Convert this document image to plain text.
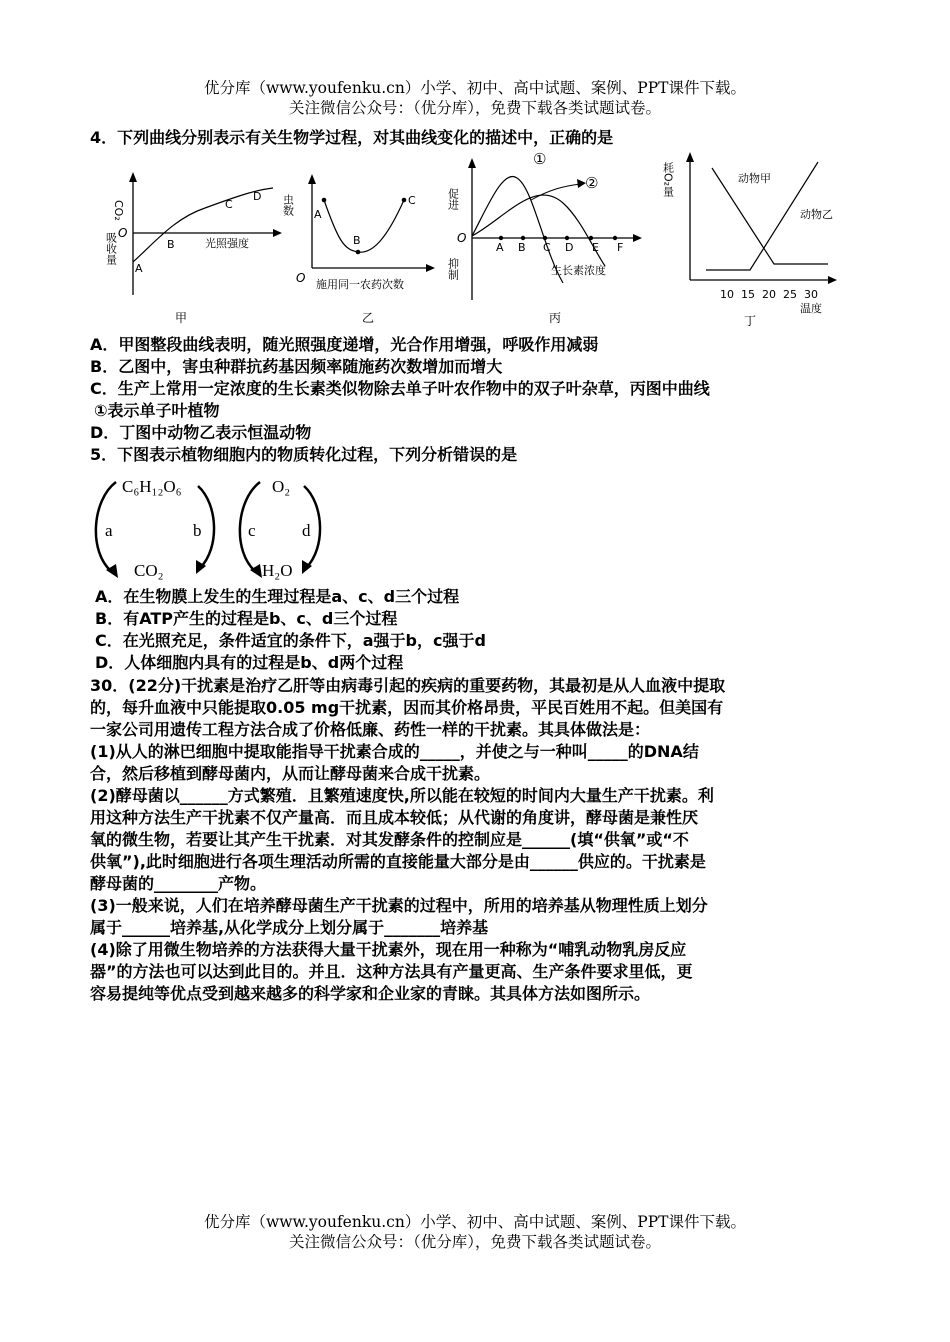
优分库（www.youfenku.cn）小学、初中、高中试题、案例、PPT课件下载。
关注微信公众号：（优分库），免费下载各类试题试卷。
4．下列曲线分别表示有关生物学过程，对其曲线变化的描述中，正确的是
CO₂
吸收量 O
A
B
C
D
光照强度
甲
虫数
O
A
B
C
施用同一农药次数
乙
促进
抑制
O
①
②
A B C D E F
生长素浓度
丙
耗O₂量	动物甲
动物乙
10 15 20 25 30
温度
丁
A．甲图整段曲线表明，随光照强度递增，光合作用增强，呼吸作用减弱
B．乙图中，害虫种群抗药基因频率随施药次数增加而增大
C．生产上常用一定浓度的生长素类似物除去单子叶农作物中的双子叶杂草，丙图中曲线
①表示单子叶植物
D．丁图中动物乙表示恒温动物
5．下图表示植物细胞内的物质转化过程，下列分析错误的是
C₆H₁₂O₆
CO₂
a	b
O₂
H₂O
c	d
A．在生物膜上发生的生理过程是a、c、d三个过程
B．有ATP产生的过程是b、c、d三个过程
C．在光照充足，条件适宜的条件下，a强于b，c强于d
D．人体细胞内具有的过程是b、d两个过程
30．(22分)干扰素是治疗乙肝等由病毒引起的疾病的重要药物，其最初是从人血液中提取
的，每升血液中只能提取0.05 mg干扰素，因而其价格昂贵，平民百姓用不起。但美国有
一家公司用遗传工程方法合成了价格低廉、药性一样的干扰素。其具体做法是：
(1)从人的淋巴细胞中提取能指导干扰素合成的_____，并使之与一种叫_____的DNA结
合，然后移植到酵母菌内，从而让酵母菌来合成干扰素。
(2)酵母菌以______方式繁殖．且繁殖速度快,所以能在较短的时间内大量生产干扰素。利
用这种方法生产干扰素不仅产量高．而且成本较低；从代谢的角度讲，酵母菌是兼性厌
氧的微生物，若要让其产生干扰素．对其发酵条件的控制应是______(填“供氧”或“不
供氧”),此时细胞进行各项生理活动所需的直接能量大部分是由______供应的。干扰素是
酵母菌的________产物。
(3)一般来说，人们在培养酵母菌生产干扰素的过程中，所用的培养基从物理性质上划分
属于______培养基,从化学成分上划分属于_______培养基
(4)除了用微生物培养的方法获得大量干扰素外，现在用一种称为“哺乳动物乳房反应
器”的方法也可以达到此目的。并且．这种方法具有产量更高、生产条件要求里低，更
容易提纯等优点受到越来越多的科学家和企业家的青睐。其具体方法如图所示。
优分库（www.youfenku.cn）小学、初中、高中试题、案例、PPT课件下载。
关注微信公众号：（优分库），免费下载各类试题试卷。
